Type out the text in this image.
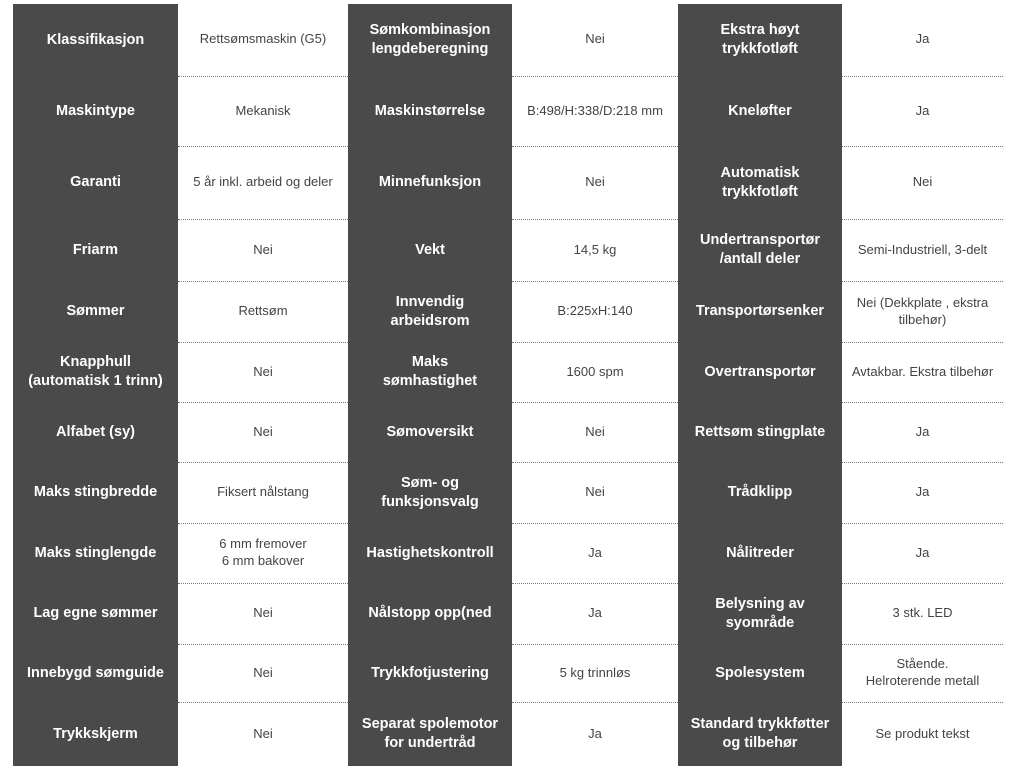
Klassifikasjon	Rettsømsmaskin (G5)	Sømkombinasjon
lengdeberegning	Nei	Ekstra høyt
trykkfotløft	Ja

Maskintype	Mekanisk	Maskinstørrelse	B:498/H:338/D:218 mm	Kneløfter	Ja

Garanti	5 år inkl. arbeid og deler	Minnefunksjon	Nei	Automatisk
trykkfotløft	Nei

Friarm	Nei	Vekt	14,5 kg	Undertransportør
/antall deler	Semi-Industriell, 3-delt

Sømmer	Rettsøm	Innvendig
arbeidsrom	B:225xH:140	Transportørsenker	Nei (Dekkplate , ekstra
tilbehør)

Knapphull
(automatisk 1 trinn)	Nei	Maks
sømhastighet	1600 spm	Overtransportør	Avtakbar. Ekstra tilbehør

Alfabet (sy)	Nei	Sømoversikt	Nei	Rettsøm stingplate	Ja

Maks stingbredde	Fiksert nålstang	Søm- og
funksjonsvalg	Nei	Trådklipp	Ja

Maks stinglengde	6 mm fremover
6 mm bakover	Hastighetskontroll	Ja	Nålitreder	Ja

Lag egne sømmer	Nei	Nålstopp opp(ned	Ja	Belysning av
syområde	3 stk. LED

Innebygd sømguide	Nei	Trykkfotjustering	5 kg trinnløs	Spolesystem	Stående.
Helroterende metall

Trykkskjerm	Nei	Separat spolemotor
for undertråd	Ja	Standard trykkføtter
og tilbehør	Se produkt tekst
